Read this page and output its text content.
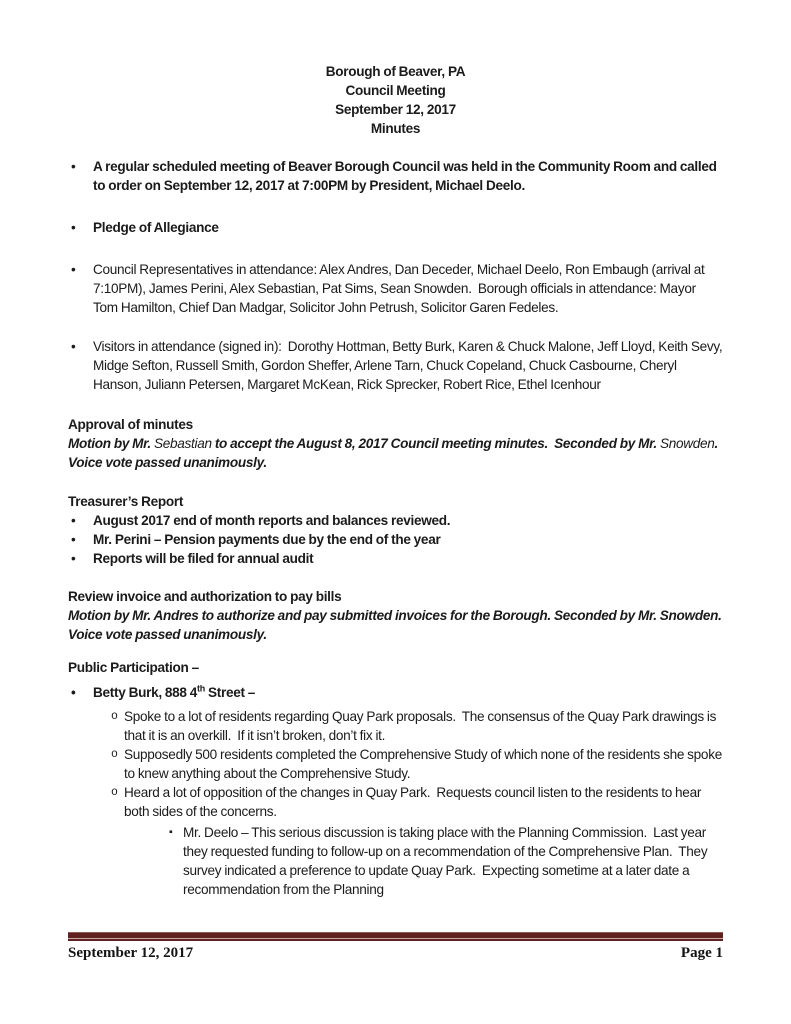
Borough of Beaver, PA
Council Meeting
September 12, 2017
Minutes
•	A regular scheduled meeting of Beaver Borough Council was held in the Community Room and called to order on September 12, 2017 at 7:00PM by President, Michael Deelo.
•	Pledge of Allegiance
•	Council Representatives in attendance: Alex Andres, Dan Deceder, Michael Deelo, Ron Embaugh (arrival at 7:10PM), James Perini, Alex Sebastian, Pat Sims, Sean Snowden.  Borough officials in attendance: Mayor Tom Hamilton, Chief Dan Madgar, Solicitor John Petrush, Solicitor Garen Fedeles.
•	Visitors in attendance (signed in):  Dorothy Hottman, Betty Burk, Karen & Chuck Malone, Jeff Lloyd, Keith Sevy, Midge Sefton, Russell Smith, Gordon Sheffer, Arlene Tarn, Chuck Copeland, Chuck Casbourne, Cheryl Hanson, Juliann Petersen, Margaret McKean, Rick Sprecker, Robert Rice, Ethel Icenhour
Approval of minutes

Motion by Mr. Sebastian to accept the August 8, 2017 Council meeting minutes.  Seconded by Mr. Snowden.  Voice vote passed unanimously.

Treasurer’s Report
•	August 2017 end of month reports and balances reviewed.
•	Mr. Perini – Pension payments due by the end of the year
•	Reports will be filed for annual audit
Review invoice and authorization to pay bills

Motion by Mr. Andres to authorize and pay submitted invoices for the Borough. Seconded by Mr. Snowden. Voice vote passed unanimously.

Public Participation –
•	Betty Burk, 888 4th Street –
o Spoke to a lot of residents regarding Quay Park proposals.  The consensus of the Quay Park drawings is that it is an overkill.  If it isn’t broken, don’t fix it.
o Supposedly 500 residents completed the Comprehensive Study of which none of the residents she spoke to knew anything about the Comprehensive Study.
o Heard a lot of opposition of the changes in Quay Park.  Requests council listen to the residents to hear both sides of the concerns.
▪ Mr. Deelo – This serious discussion is taking place with the Planning Commission.  Last year they requested funding to follow-up on a recommendation of the Comprehensive Plan.  They survey indicated a preference to update Quay Park.  Expecting sometime at a later date a recommendation from the Planning
September 12, 2017	Page 1
